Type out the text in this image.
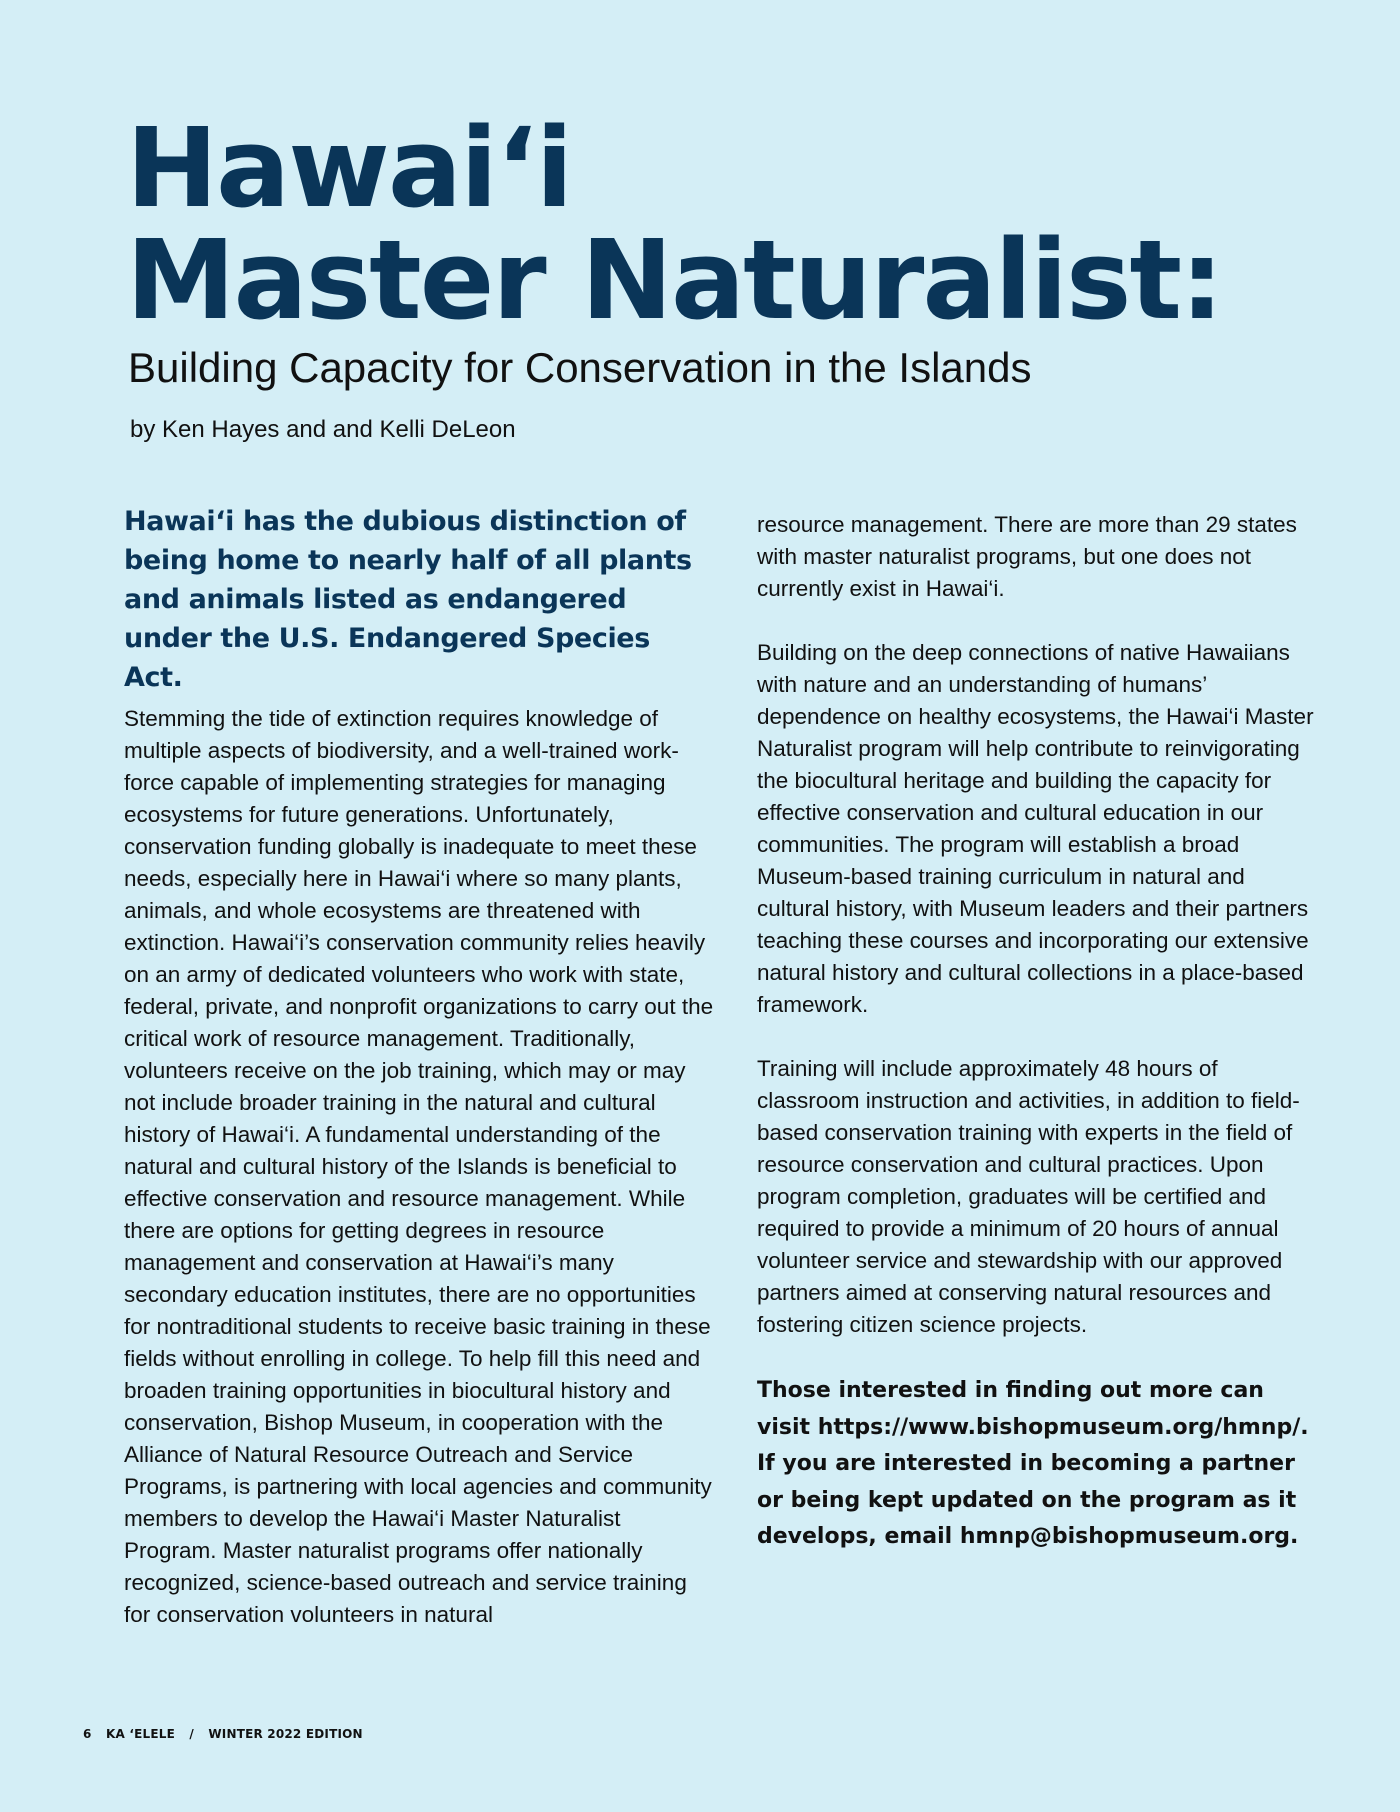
Hawai‘i
Master Naturalist:
Building Capacity for Conservation in the Islands

by Ken Hayes and and Kelli DeLeon

Hawai‘i has the dubious distinction of being home to nearly half of all plants and animals listed as endangered under the U.S. Endangered Species Act.

Stemming the tide of extinction requires knowledge of multiple aspects of biodiversity, and a well-trained work-force capable of implementing strategies for managing ecosystems for future generations. Unfortunately, conservation funding globally is inadequate to meet these needs, especially here in Hawai‘i where so many plants, animals, and whole ecosystems are threatened with extinction. Hawai‘i’s conservation community relies heavily on an army of dedicated volunteers who work with state, federal, private, and nonprofit organizations to carry out the critical work of resource management. Traditionally, volunteers receive on the job training, which may or may not include broader training in the natural and cultural history of Hawai‘i. A fundamental understanding of the natural and cultural history of the Islands is beneficial to effective conservation and resource management. While there are options for getting degrees in resource management and conservation at Hawai‘i’s many secondary education institutes, there are no opportunities for nontraditional students to receive basic training in these fields without enrolling in college. To help fill this need and broaden training opportunities in biocultural history and conservation, Bishop Museum, in cooperation with the Alliance of Natural Resource Outreach and Service Programs, is partnering with local agencies and community members to develop the Hawai‘i Master Naturalist Program. Master naturalist programs offer nationally recognized, science-based outreach and service training for conservation volunteers in natural

resource management. There are more than 29 states with master naturalist programs, but one does not currently exist in Hawai‘i.

Building on the deep connections of native Hawaiians with nature and an understanding of humans’ dependence on healthy ecosystems, the Hawai‘i Master Naturalist program will help contribute to reinvigorating the biocultural heritage and building the capacity for effective conservation and cultural education in our communities. The program will establish a broad Museum-based training curriculum in natural and cultural history, with Museum leaders and their partners teaching these courses and incorporating our extensive natural history and cultural collections in a place-based framework.

Training will include approximately 48 hours of classroom instruction and activities, in addition to field-based conservation training with experts in the field of resource conservation and cultural practices. Upon program completion, graduates will be certified and required to provide a minimum of 20 hours of annual volunteer service and stewardship with our approved partners aimed at conserving natural resources and fostering citizen science projects.

Those interested in finding out more can visit https://www.bishopmuseum.org/hmnp/. If you are interested in becoming a partner or being kept updated on the program as it develops, email hmnp@bishopmuseum.org.

6 KA ‘ELELE / WINTER 2022 EDITION
